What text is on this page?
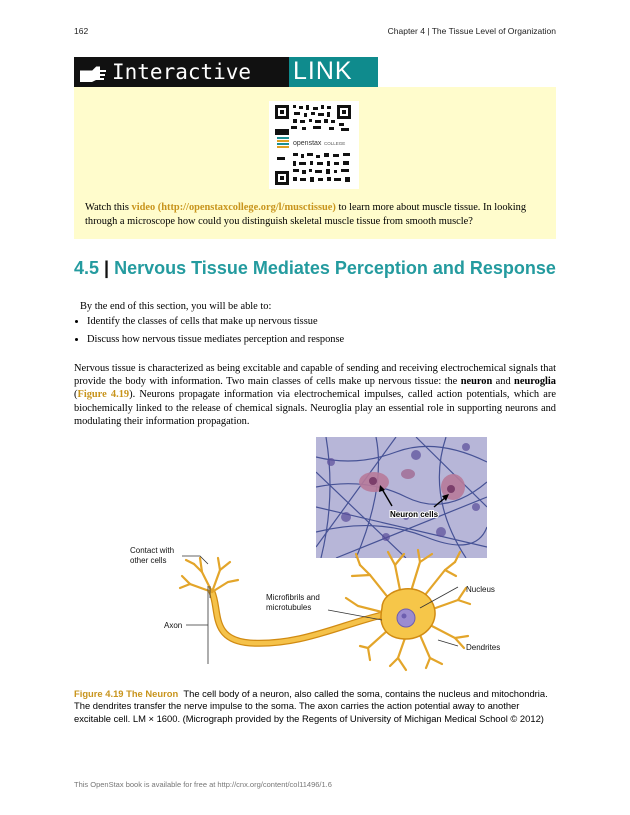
162	Chapter 4 | The Tissue Level of Organization
Interactive LINK
openstax COLLEGE
Watch this video (http://openstaxcollege.org/l/musctissue) to learn more about muscle tissue. In looking through a microscope how could you distinguish skeletal muscle tissue from smooth muscle?
4.5 | Nervous Tissue Mediates Perception and Response
By the end of this section, you will be able to:
• Identify the classes of cells that make up nervous tissue
• Discuss how nervous tissue mediates perception and response
Nervous tissue is characterized as being excitable and capable of sending and receiving electrochemical signals that provide the body with information. Two main classes of cells make up nervous tissue: the neuron and neuroglia (Figure 4.19). Neurons propagate information via electrochemical impulses, called action potentials, which are biochemically linked to the release of chemical signals. Neuroglia play an essential role in supporting neurons and modulating their information propagation.
Neuron cells
Contact with
other cells
Microfibrils and
microtubules
Axon
Nucleus
Dendrites
Figure 4.19 The Neuron The cell body of a neuron, also called the soma, contains the nucleus and mitochondria. The dendrites transfer the nerve impulse to the soma. The axon carries the action potential away to another excitable cell. LM × 1600. (Micrograph provided by the Regents of University of Michigan Medical School © 2012)
This OpenStax book is available for free at http://cnx.org/content/col11496/1.6
